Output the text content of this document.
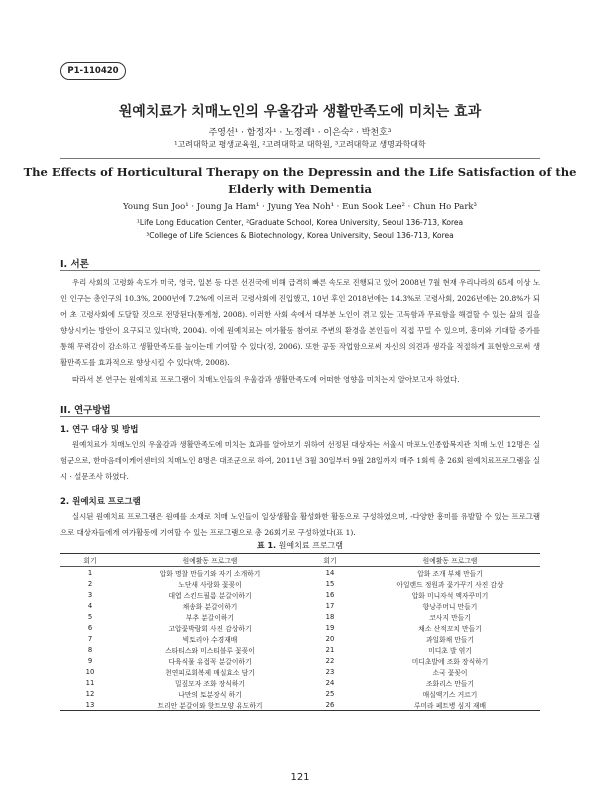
P1-110420
원예치료가 치매노인의 우울감과 생활만족도에 미치는 효과
주영선¹ · 함정자¹ · 노정례¹ · 이은숙² · 박천호³
¹고려대학교 평생교육원, ²고려대학교 대학원, ³고려대학교 생명과학대학
The Effects of Horticultural Therapy on the Depressin and the Life Satisfaction of the Elderly with Dementia
Young Sun Joo¹ · Joung Ja Ham¹ · Jyung Yea Noh¹ · Eun Sook Lee² · Chun Ho Park³
¹Life Long Education Center, ²Graduate School, Korea University, Seoul 136-713, Korea
³College of Life Sciences & Biotechnology, Korea University, Seoul 136-713, Korea
I. 서론

우리 사회의 고령화 속도가 미국, 영국, 일본 등 다른 선진국에 비해 급격히 빠른 속도로 진행되고 있어 2008년 7월 현재 우리나라의 65세 이상 노인 인구는 총인구의 10.3%, 2000년에 7.2%에 이르러 고령사회에 진입했고, 10년 후인 2018년에는 14.3%로 고령사회, 2026년에는 20.8%가 되어 초 고령사회에 도달할 것으로 전망된다(통계청, 2008). 이러한 사회 속에서 대부분 노인이 겪고 있는 고독함과 무료함을 해결할 수 있는 삶의 질을 향상시키는 방안이 요구되고 있다(박, 2004). 이에 원예치료는 여가활동 참여로 주변의 환경을 본인들이 직접 꾸밀 수 있으며, 흥미와 기대할 증가를 통해 무력감이 감소하고 생활만족도를 높이는데 기여할 수 있다(정, 2006). 또한 공동 작업함으로써 자신의 의견과 생각을 적절하게 표현함으로써 생활만족도를 효과적으로 향상시킬 수 있다(박, 2008).

따라서 본 연구는 원예치료 프로그램이 치매노인들의 우울감과 생활만족도에 어떠한 영향을 미치는지 알아보고자 하였다.

II. 연구방법
1. 연구 대상 및 방법

원예치료가 치매노인의 우울감과 생활만족도에 미치는 효과를 알아보기 위하여 선정된 대상자는 서울시 마포노인종합복지관 치매 노인 12명은 실험군으로, 한마음데이케어센터의 치매노인 8명은 대조군으로 하여, 2011년 3월 30일부터 9월 28일까지 매주 1회씩 총 26회 원예치료프로그램을 실시 · 설문조사 하였다.

2. 원예치료 프로그램

실시된 원예치료 프로그램은 원예를 소재로 치매 노인들이 일상생활을 활성화한 활동으로 구성하였으며, -다양한 흥미를 유발할 수 있는 프로그램으로 대상자들에게 여가활동에 기여할 수 있는 프로그램으로 총 26회기로 구성하였다(표 1).

표 1. 원예치료 프로그램
회기	원예활동 프로그램	회기	원예활동 프로그램
1	압화 명찰 만들기와 자기 소개하기	14	압화 조개 부채 만들기
2	노단새 사랑화 꽃꽂이	15	아일랜드 정원과 꽃가꾸기 사진 감상
3	대엽 스킨드필름 분갈이하기	16	압화 미니자석 액자꾸미기
4	채송화 분갈이하기	17	향낭주머니 만들기
5	부추 분갈이하기	18	코사지 만들기
6	고압꽃박람회 사진 감상하기	19	채소 산적꼬치 만들기
7	빅토리아 수경재배	20	과일화채 만들기
8	스타티스와 미스티블루 꽃꽂이	21	미디초 발 엮기
9	다육식물 유접꼭 분갈이하기	22	미디초발에 조화 장식하기
10	천연피로회복제 매실효소 담기	23	소국 꽃꽂이
11	밀짚모자 조화 장식하기	24	조화리스 만들기
12	나만의 토분장식 하기	25	매실액기스 거르기
13	트리안 분갈이와 핫트모양 유도하기	26	루미라 페트병 심지 재배
121
